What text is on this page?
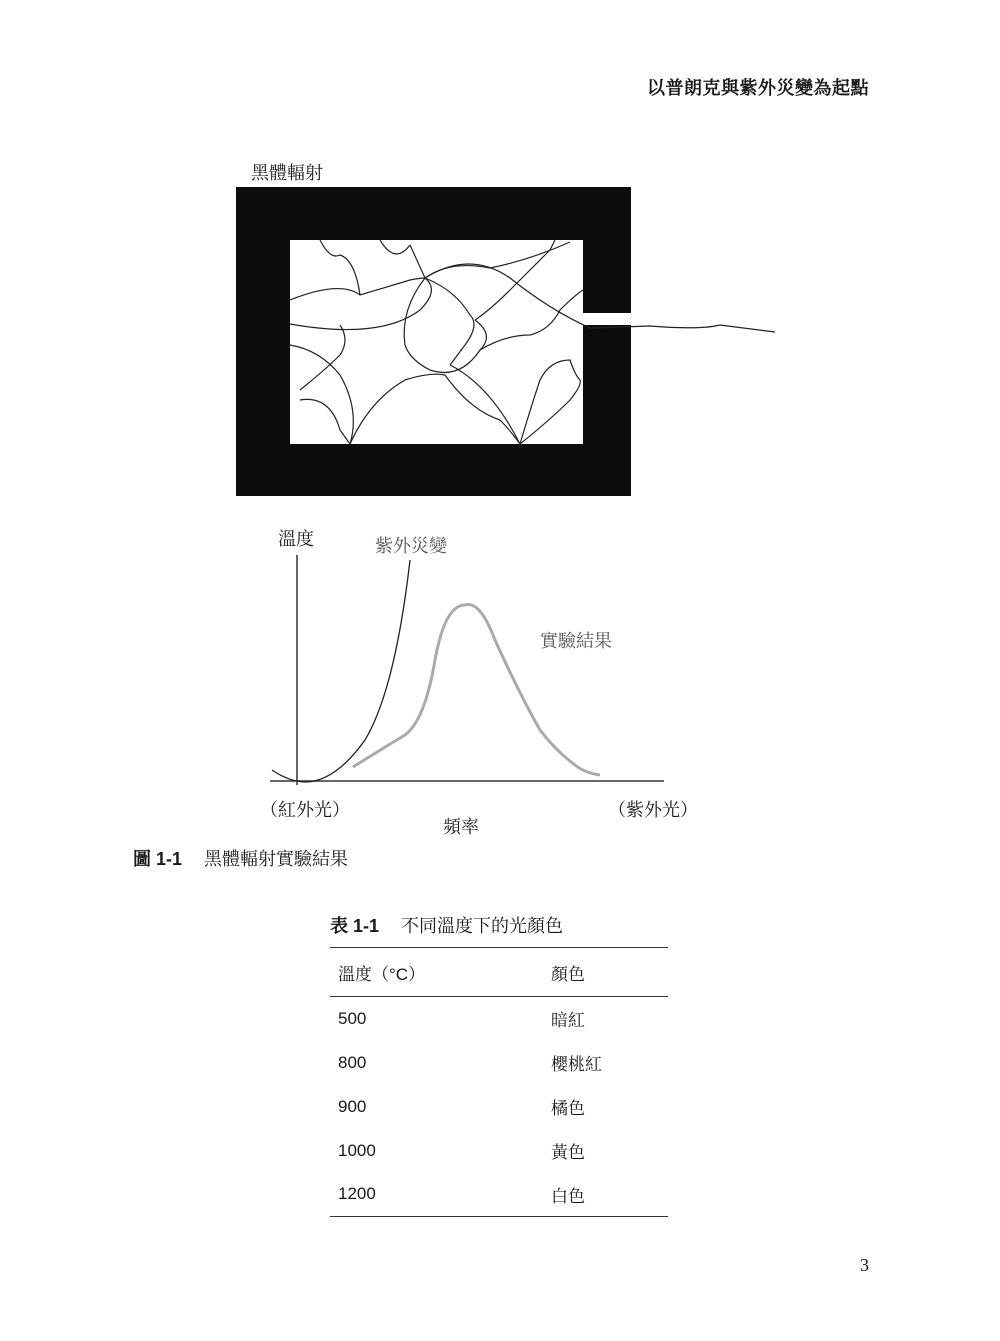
以普朗克與紫外災變為起點
黑體輻射
溫度	紫外災變
實驗結果
（紅外光）	（紫外光）
頻率
圖 1-1 黑體輻射實驗結果
表 1-1 不同溫度下的光顏色
溫度（°C）	顏色
500	暗紅
800	櫻桃紅
900	橘色
1000	黃色
1200	白色
3
